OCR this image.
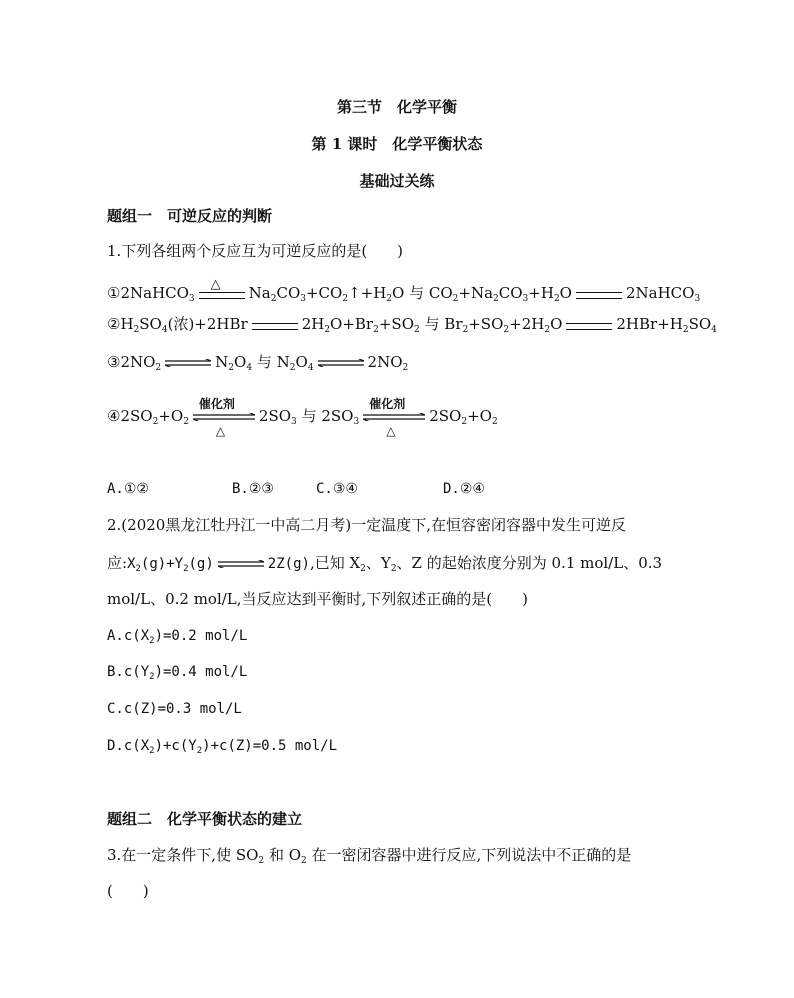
第三节　化学平衡
第 1 课时　化学平衡状态
基础过关练
题组一　可逆反应的判断
1.下列各组两个反应互为可逆反应的是(　　)
①2NaHCO$_3$ △	$Na_2CO_3+CO_2↑+H_2O$ 与 $CO_2+Na_2CO_3+H_2O$	2NaHCO$_3$
$②H_2SO_4$(浓)+2HBr	$2H_2O+Br_2+SO_2$ 与 $Br_2+SO_2+2H_2O$	$2HBr+H_2SO_4$
$③2NO_2$ ⇌ $N_2O_4$ 与 $N_2O_4$ ⇌ $2NO_2$
$④2SO_2+O_2$
催化剂
△
$2SO_3$ 与 $2SO_3$
催化剂
△
$2SO_2+O_2$
A.①②	B.②③	C.③④	D.②④
2.(2020黑龙江牡丹江一中高二月考)一定温度下,在恒容密闭容器中发生可逆反
应$:X_2(g)+Y_2(g)$ ⇌ 2Z(g),已知 $X_2$、$Y_2$、Z 的起始浓度分别为 0.1 mol/L、0.3
mol/L、0.2 mol/L,当反应达到平衡时,下列叙述正确的是(　　)
$A.c(X_2)=0.2$ mol/L
$B.c(Y_2)=0.4$ mol/L
C.c(Z)=0.3 mol/L
$D.c(X_2)+c(Y_2)+c(Z)=0.5$ mol/L
题组二　化学平衡状态的建立
3.在一定条件下,使 $SO_2$ 和 $O_2$ 在一密闭容器中进行反应,下列说法中不正确的是
(　　)
